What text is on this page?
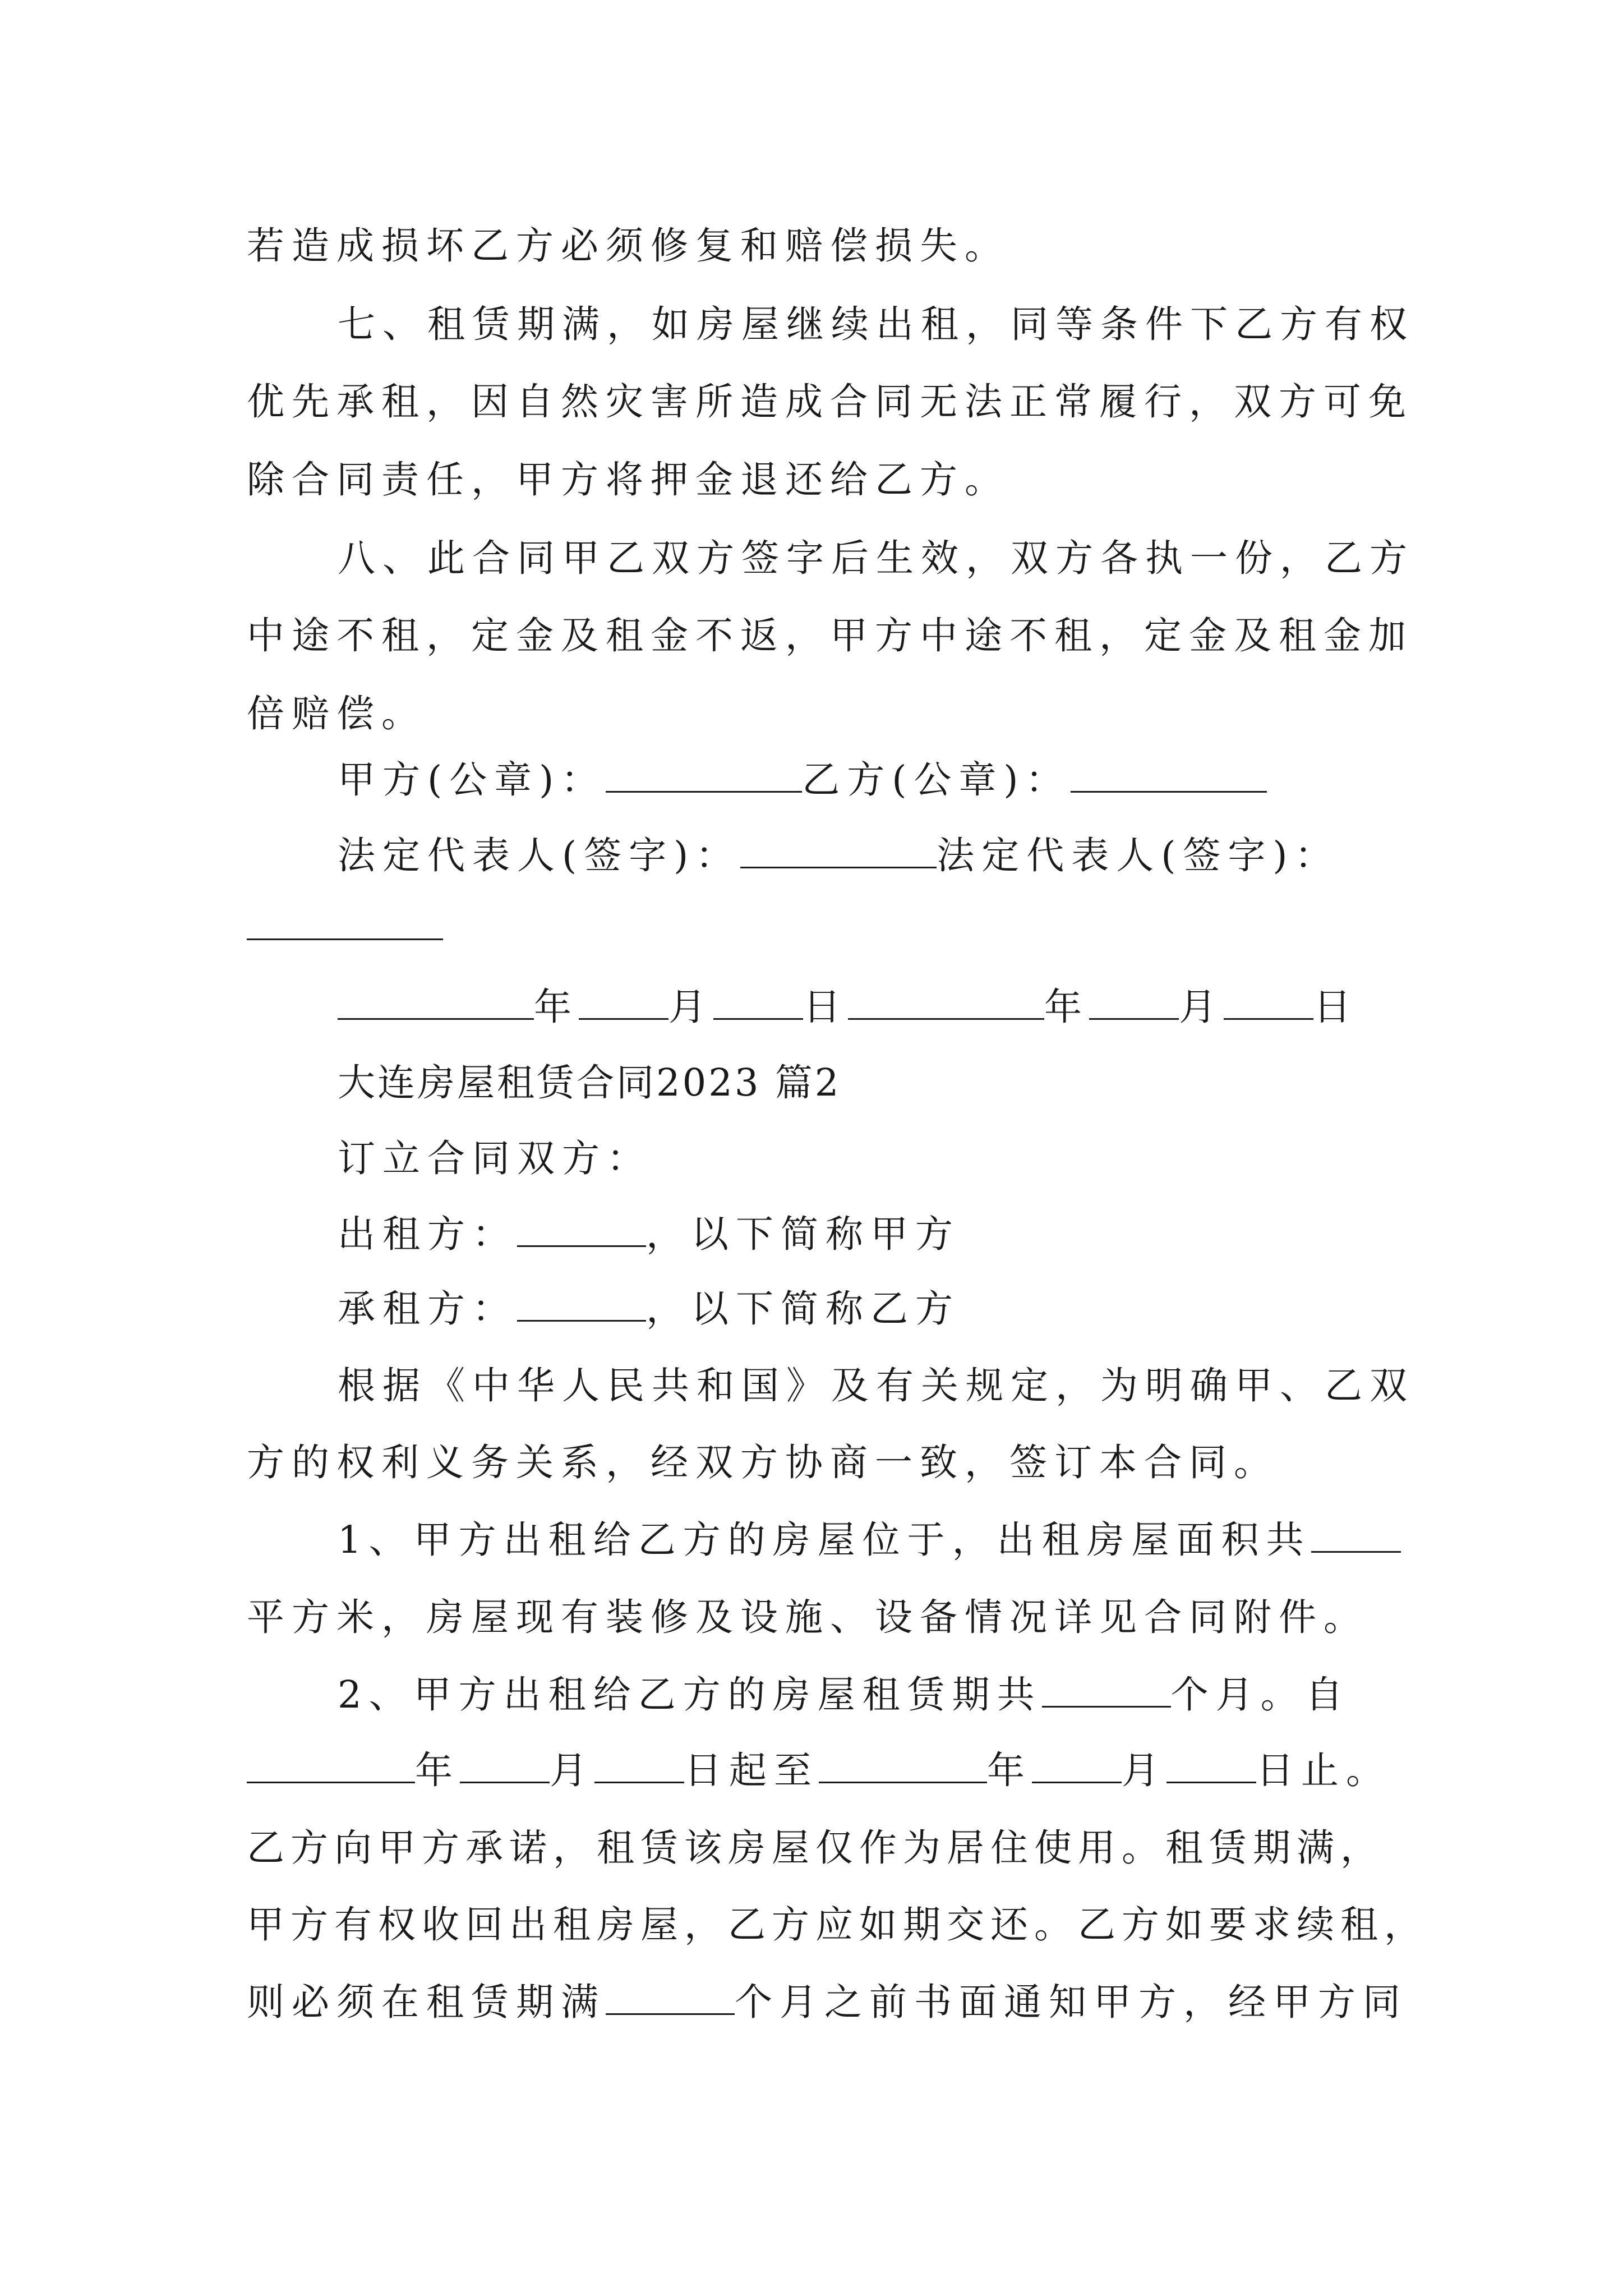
若造成损坏乙方必须修复和赔偿损失。
七、租赁期满，如房屋继续出租，同等条件下乙方有权
优先承租，因自然灾害所造成合同无法正常履行，双方可免
除合同责任，甲方将押金退还给乙方。
八、此合同甲乙双方签字后生效，双方各执一份，乙方
中途不租，定金及租金不返，甲方中途不租，定金及租金加
倍赔偿。
甲方(公章)：	乙方(公章)：
法定代表人(签字)：	法定代表人(签字)：
年 月 日	年 月 日
大连房屋租赁合同2023 篇2
订立合同双方：
出租方：	，以下简称甲方
承租方：	，以下简称乙方
根据《中华人民共和国》及有关规定，为明确甲、乙双
方的权利义务关系，经双方协商一致，签订本合同。
1、甲方出租给乙方的房屋位于，出租房屋面积共
平方米，房屋现有装修及设施、设备情况详见合同附件。
2、甲方出租给乙方的房屋租赁期共	个月。自
年 月 日起至	年 月 日止。
乙方向甲方承诺，租赁该房屋仅作为居住使用。租赁期满，
甲方有权收回出租房屋，乙方应如期交还。乙方如要求续租，
则必须在租赁期满	个月之前书面通知甲方，经甲方同
